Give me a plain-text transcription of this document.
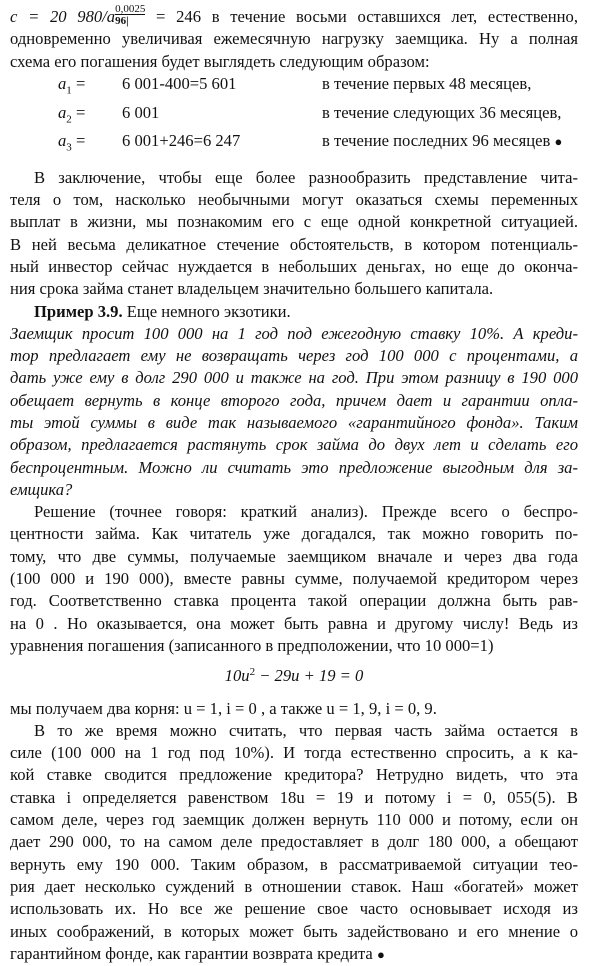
c = 20 $980/a \frac{0,0025}{96|} = 246$ в течение восьми оставшихся лет, естественно,

одновременно увеличивая ежемесячную нагрузку заемщика. Ну а полная

схема его погашения будет выглядеть следующим образом:

$a_1$ =	6 001-400=5 601	в течение первых 48 месяцев,
$a_2$ =	6 001	в течение следующих 36 месяцев,
$a_3$ =	6 001+246=6 247	в течение последних 96 месяцев ●

В заключение, чтобы еще более разнообразить представление чита-

теля о том, насколько необычными могут оказаться схемы переменных

выплат в жизни, мы познакомим его с еще одной конкретной ситуацией.

В ней весьма деликатное стечение обстоятельств, в котором потенциаль-

ный инвестор сейчас нуждается в небольших деньгах, но еще до оконча-

ния срока займа станет владельцем значительно большего капитала.

Пример 3.9. Еще немного экзотики.

Заемщик просит 100 000 на 1 год под ежегодную ставку 10%. А креди-

тор предлагает ему не возвращать через год 100 000 с процентами, а

дать уже ему в долг 290 000 и также на год. При этом разницу в 190 000

обещает вернуть в конце второго года, причем дает и гарантии опла-

ты этой суммы в виде так называемого «гарантийного фонда». Таким

образом, предлагается растянуть срок займа до двух лет и сделать его

беспроцентным. Можно ли считать это предложение выгодным для за-

емщика?

Решение (точнее говоря: краткий анализ). Прежде всего о беспро-

центности займа. Как читатель уже догадался, так можно говорить по-

тому, что две суммы, получаемые заемщиком вначале и через два года

(100 000 и 190 000), вместе равны сумме, получаемой кредитором через

год. Соответственно ставка процента такой операции должна быть рав-

на 0 . Но оказывается, она может быть равна и другому числу! Ведь из

уравнения погашения (записанного в предположении, что 10 000=1)

$10u^2 - 29u + 19 = 0$

мы получаем два корня: u = 1, i = 0 , а также u = 1, 9, i = 0, 9.

В то же время можно считать, что первая часть займа остается в

силе (100 000 на 1 год под 10%). И тогда естественно спросить, а к ка-

кой ставке сводится предложение кредитора? Нетрудно видеть, что эта

ставка i определяется равенством 18u = 19 и потому i = 0, 055(5). В

самом деле, через год заемщик должен вернуть 110 000 и потому, если он

дает 290 000, то на самом деле предоставляет в долг 180 000, а обещают

вернуть ему 190 000. Таким образом, в рассматриваемой ситуации тео-

рия дает несколько суждений в отношении ставок. Наш «богатей» может

использовать их. Но все же решение свое часто основывает исходя из

иных соображений, в которых может быть задействовано и его мнение о

гарантийном фонде, как гарантии возврата кредита ●
